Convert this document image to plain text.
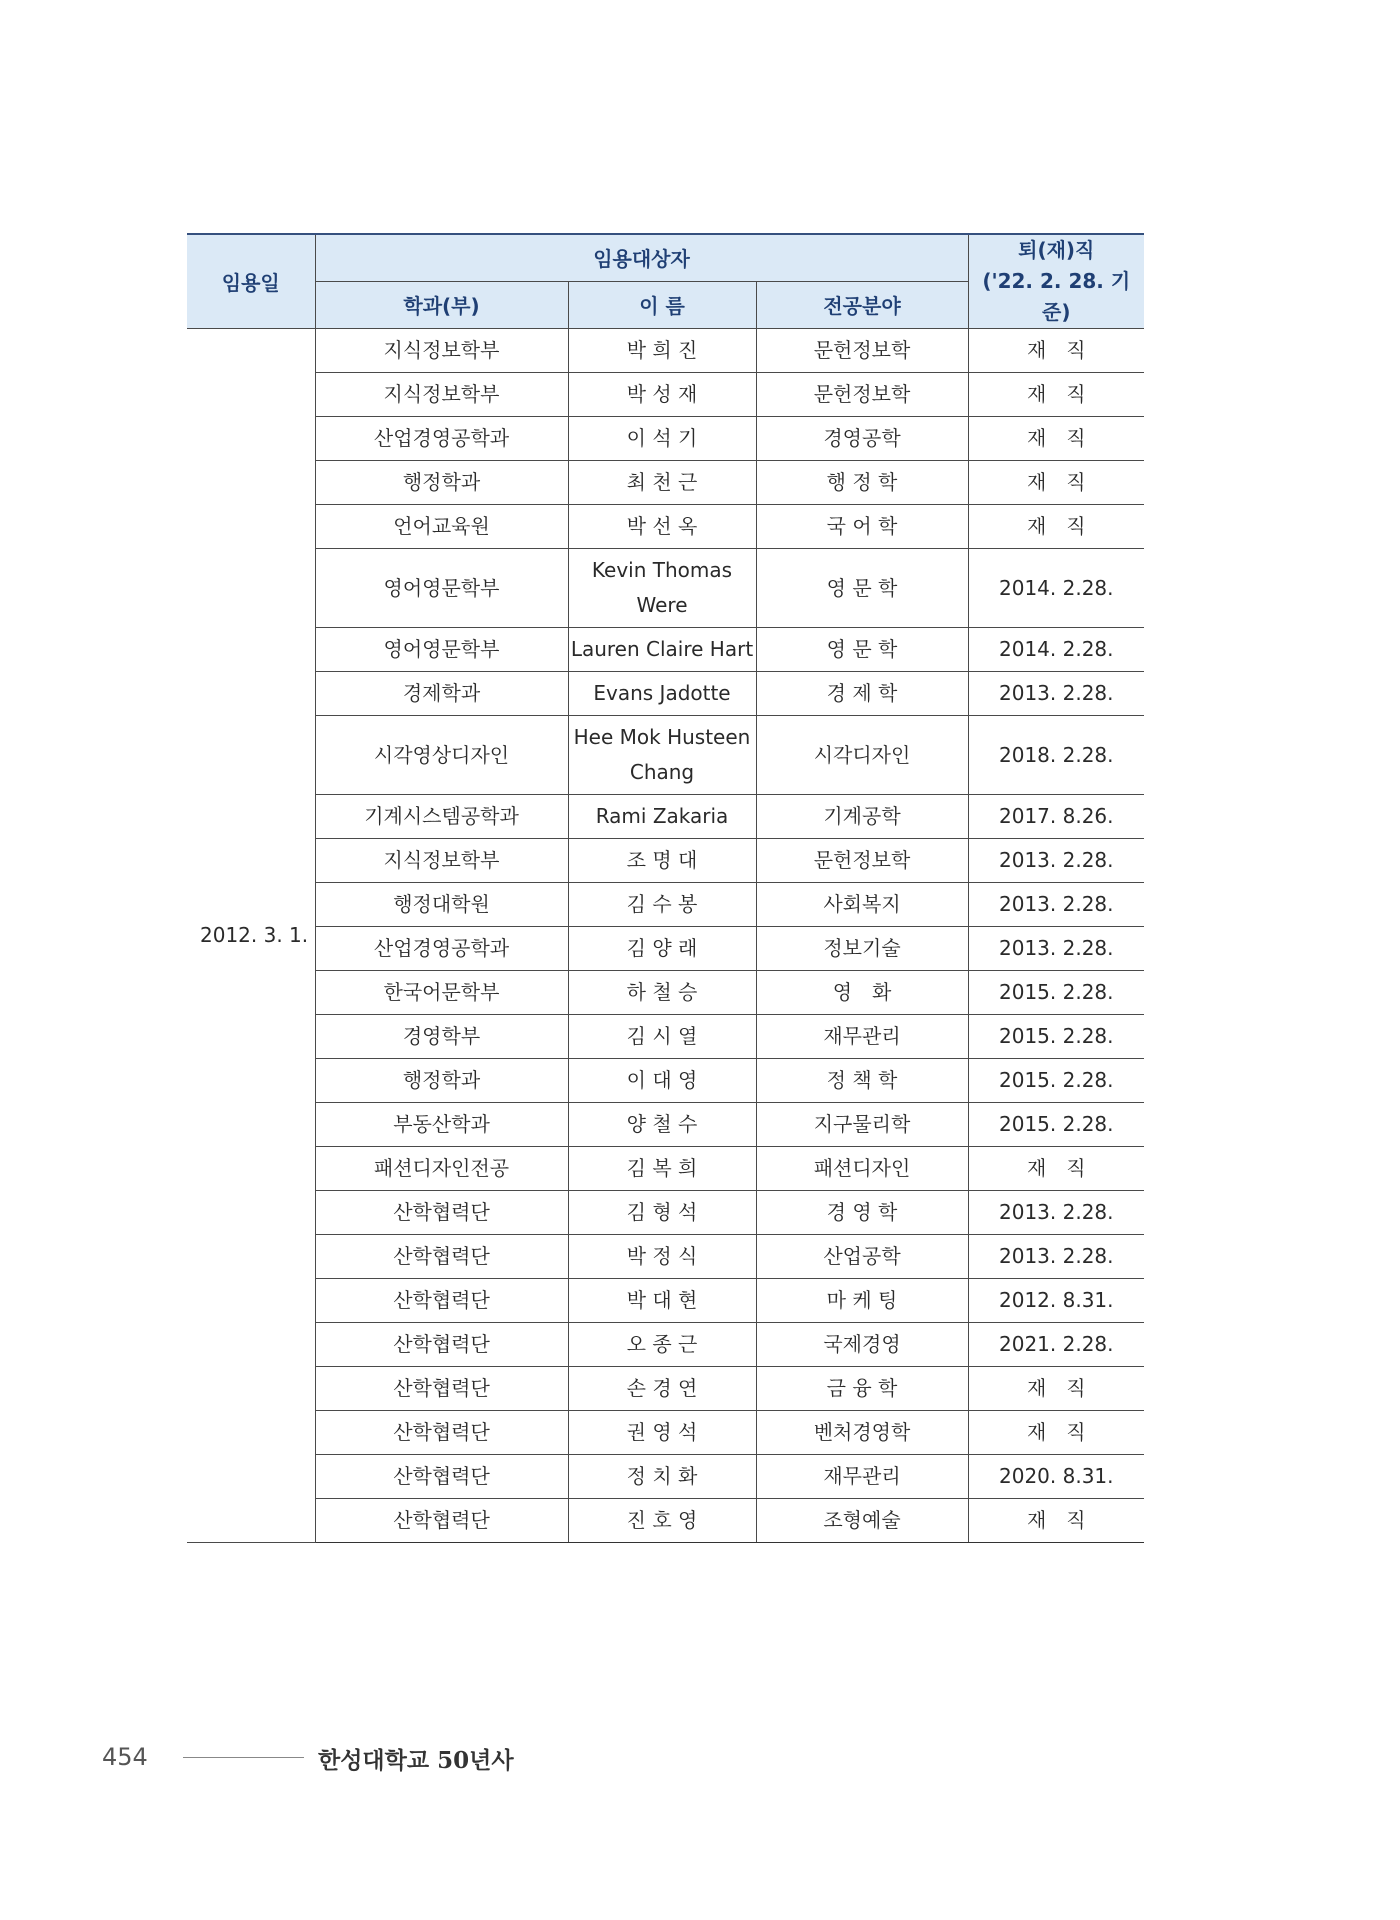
임용일	임용대상자			퇴(재)직
('22. 2. 28. 기준)
	학과(부)	이 름	전공분야	
2012. 3. 1.	지식정보학부	박 희 진	문헌정보학	재　직
	지식정보학부	박 성 재	문헌정보학	재　직
	산업경영공학과	이 석 기	경영공학	재　직
	행정학과	최 천 근	행 정 학	재　직
	언어교육원	박 선 옥	국 어 학	재　직
	영어영문학부	Kevin Thomas Were	영 문 학	2014. 2.28.
	영어영문학부	Lauren Claire Hart	영 문 학	2014. 2.28.
	경제학과	Evans Jadotte	경 제 학	2013. 2.28.
	시각영상디자인	Hee Mok Husteen Chang	시각디자인	2018. 2.28.
	기계시스템공학과	Rami Zakaria	기계공학	2017. 8.26.
	지식정보학부	조 명 대	문헌정보학	2013. 2.28.
	행정대학원	김 수 봉	사회복지	2013. 2.28.
	산업경영공학과	김 양 래	정보기술	2013. 2.28.
	한국어문학부	하 철 승	영　화	2015. 2.28.
	경영학부	김 시 열	재무관리	2015. 2.28.
	행정학과	이 대 영	정 책 학	2015. 2.28.
	부동산학과	양 철 수	지구물리학	2015. 2.28.
	패션디자인전공	김 복 희	패션디자인	재　직
	산학협력단	김 형 석	경 영 학	2013. 2.28.
	산학협력단	박 정 식	산업공학	2013. 2.28.
	산학협력단	박 대 현	마 케 팅	2012. 8.31.
	산학협력단	오 종 근	국제경영	2021. 2.28.
	산학협력단	손 경 연	금 융 학	재　직
	산학협력단	권 영 석	벤처경영학	재　직
	산학협력단	정 치 화	재무관리	2020. 8.31.
	산학협력단	진 호 영	조형예술	재　직
454	한성대학교 50년사
